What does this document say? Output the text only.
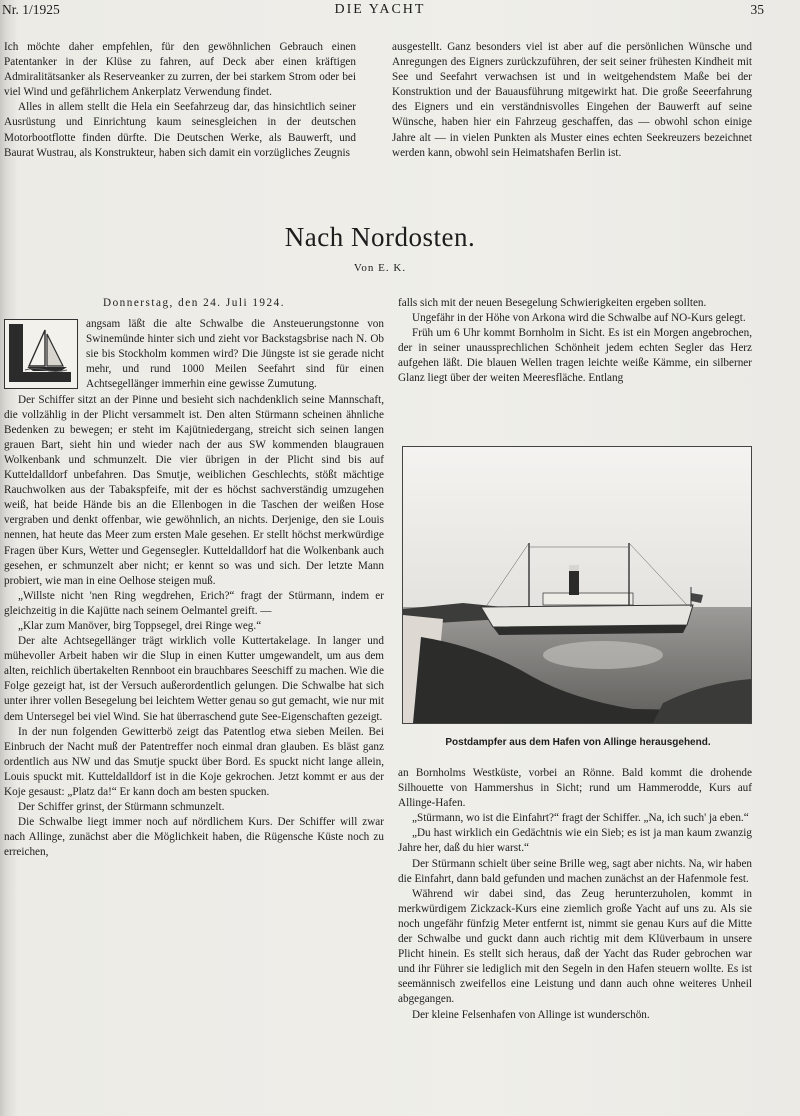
Nr. 1/1925	DIE YACHT	35

Ich möchte daher empfehlen, für den gewöhnlichen Gebrauch einen Patentanker in der Klüse zu fahren, auf Deck aber einen kräftigen Admiralitätsanker als Reserveanker zu zurren, der bei starkem Strom oder bei viel Wind und gefährlichem Ankerplatz Verwendung findet.

Alles in allem stellt die Hela ein Seefahrzeug dar, das hinsichtlich seiner Ausrüstung und Einrichtung kaum seinesgleichen in der deutschen Motorbootflotte finden dürfte. Die Deutschen Werke, als Bauwerft, und Baurat Wustrau, als Konstrukteur, haben sich damit ein vorzügliches Zeugnis

ausgestellt. Ganz besonders viel ist aber auf die persönlichen Wünsche und Anregungen des Eigners zurückzuführen, der seit seiner frühesten Kindheit mit See und Seefahrt verwachsen ist und in weitgehendstem Maße bei der Konstruktion und der Bauausführung mitgewirkt hat. Die große Seeerfahrung des Eigners und ein verständnisvolles Eingehen der Bauwerft auf seine Wünsche, haben hier ein Fahrzeug geschaffen, das — obwohl schon einige Jahre alt — in vielen Punkten als Muster eines echten Seekreuzers bezeichnet werden kann, obwohl sein Heimatshafen Berlin ist.

Nach Nordosten.
Von E. K.

Donnerstag, den 24. Juli 1924.

angsam läßt die alte Schwalbe die Ansteuerungstonne von Swinemünde hinter sich und zieht vor Backstagsbrise nach N. Ob sie bis Stockholm kommen wird? Die Jüngste ist sie gerade nicht mehr, und rund 1000 Meilen Seefahrt sind für einen Achtsegellänger immerhin eine gewisse Zumutung.

Der Schiffer sitzt an der Pinne und besieht sich nachdenklich seine Mannschaft, die vollzählig in der Plicht versammelt ist. Den alten Stürmann scheinen ähnliche Bedenken zu bewegen; er steht im Kajütniedergang, streicht sich seinen langen grauen Bart, sieht hin und wieder nach der aus SW kommenden blaugrauen Wolkenbank und schmunzelt. Die vier übrigen in der Plicht sind bis auf Kutteldalldorf unbefahren. Das Smutje, weiblichen Geschlechts, stößt mächtige Rauchwolken aus der Tabakspfeife, mit der es höchst sachverständig umzugehen weiß, hat beide Hände bis an die Ellenbogen in die Taschen der weißen Hose vergraben und denkt offenbar, wie gewöhnlich, an nichts. Derjenige, den sie Louis nennen, hat heute das Meer zum ersten Male gesehen. Er stellt höchst merkwürdige Fragen über Kurs, Wetter und Gegensegler. Kutteldalldorf hat die Wolkenbank auch gesehen, er schmunzelt aber nicht; er kennt so was und sich. Der letzte Mann probiert, wie man in eine Oelhose steigen muß.

„Willste nicht 'nen Ring wegdrehen, Erich?“ fragt der Stürmann, indem er gleichzeitig in die Kajütte nach seinem Oelmantel greift. —

„Klar zum Manöver, birg Toppsegel, drei Ringe weg.“

Der alte Achtsegellänger trägt wirklich volle Kuttertakelage. In langer und mühevoller Arbeit haben wir die Slup in einen Kutter umgewandelt, um aus dem alten, reichlich übertakelten Rennboot ein brauchbares Seeschiff zu machen. Wie die Folge gezeigt hat, ist der Versuch außerordentlich gelungen. Die Schwalbe hat sich unter ihrer vollen Besegelung bei leichtem Wetter genau so gut gemacht, wie nur mit dem Untersegel bei viel Wind. Sie hat überraschend gute See-Eigenschaften gezeigt.

In der nun folgenden Gewitterbö zeigt das Patentlog etwa sieben Meilen. Bei Einbruch der Nacht muß der Patentreffer noch einmal dran glauben. Es bläst ganz ordentlich aus NW und das Smutje spuckt über Bord. Es spuckt nicht lange allein, Louis spuckt mit. Kutteldalldorf ist in die Koje gekrochen. Jetzt kommt er aus der Koje gesaust: „Platz da!“ Er kann doch am besten spucken.

Der Schiffer grinst, der Stürmann schmunzelt.

Die Schwalbe liegt immer noch auf nördlichem Kurs. Der Schiffer will zwar nach Allinge, zunächst aber die Möglichkeit haben, die Rügensche Küste noch zu erreichen,

falls sich mit der neuen Besegelung Schwierigkeiten ergeben sollten.

Ungefähr in der Höhe von Arkona wird die Schwalbe auf NO-Kurs gelegt.

Früh um 6 Uhr kommt Bornholm in Sicht. Es ist ein Morgen angebrochen, der in seiner unaussprechlichen Schönheit jedem echten Segler das Herz aufgehen läßt. Die blauen Wellen tragen leichte weiße Kämme, ein silberner Glanz liegt über der weiten Meeresfläche. Entlang

Postdampfer aus dem Hafen von Allinge herausgehend.

an Bornholms Westküste, vorbei an Rönne. Bald kommt die drohende Silhouette von Hammershus in Sicht; rund um Hammerodde, Kurs auf Allinge-Hafen.

„Stürmann, wo ist die Einfahrt?“ fragt der Schiffer. „Na, ich such' ja eben.“

„Du hast wirklich ein Gedächtnis wie ein Sieb; es ist ja man kaum zwanzig Jahre her, daß du hier warst.“

Der Stürmann schielt über seine Brille weg, sagt aber nichts. Na, wir haben die Einfahrt, dann bald gefunden und machen zunächst an der Hafenmole fest.

Während wir dabei sind, das Zeug herunterzuholen, kommt in merkwürdigem Zickzack-Kurs eine ziemlich große Yacht auf uns zu. Als sie noch ungefähr fünfzig Meter entfernt ist, nimmt sie genau Kurs auf die Mitte der Schwalbe und guckt dann auch richtig mit dem Klüverbaum in unsere Plicht hinein. Es stellt sich heraus, daß der Yacht das Ruder gebrochen war und ihr Führer sie lediglich mit den Segeln in den Hafen steuern wollte. Es ist seemännisch zweifellos eine Leistung und dann auch ohne weiteres Unheil abgegangen.

Der kleine Felsenhafen von Allinge ist wunderschön.
